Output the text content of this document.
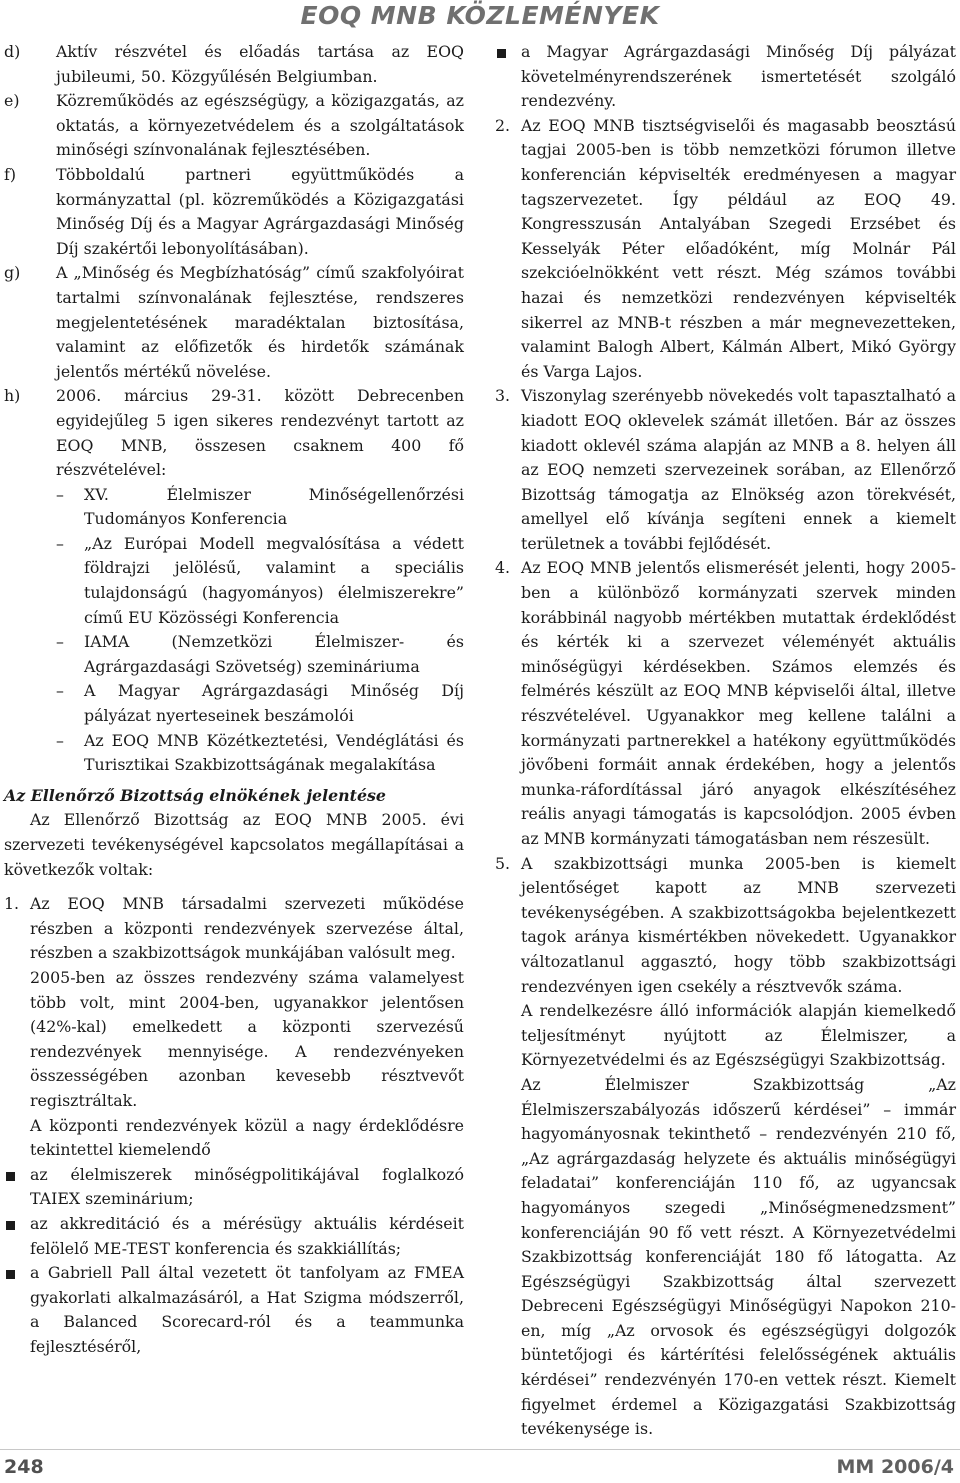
EOQ MNB KÖZLEMÉNYEK
d)	Aktív részvétel és előadás tartása az EOQ jubileumi, 50. Közgyűlésén Belgiumban.
e)	Közreműködés az egészségügy, a közigazgatás, az oktatás, a környezetvédelem és a szolgáltatások minőségi színvonalának fejlesztésében.
f)	Többoldalú partneri együttműködés a kormányzattal (pl. közreműködés a Közigazgatási Minőség Díj és a Magyar Agrárgazdasági Minőség Díj szakértői lebonyolításában).
g)	A „Minőség és Megbízhatóság” című szakfolyóirat tartalmi színvonalának fejlesztése, rendszeres megjelentetésének maradéktalan biztosítása, valamint az előfizetők és hirdetők számának jelentős mértékű növelése.
h)	2006. március 29-31. között Debrecenben egyidejűleg 5 igen sikeres rendezvényt tartott az EOQ MNB, összesen csaknem 400 fő részvételével:
–	XV. Élelmiszer Minőségellenőrzési Tudományos Konferencia
–	„Az Európai Modell megvalósítása a védett földrajzi jelölésű, valamint a speciális tulajdonságú (hagyományos) élelmiszerekre” című EU Közösségi Konferencia
–	IAMA (Nemzetközi Élelmiszer- és Agrárgazdasági Szövetség) szemináriuma
–	A Magyar Agrárgazdasági Minőség Díj pályázat nyerteseinek beszámolói
–	Az EOQ MNB Közétkeztetési, Vendéglátási és Turisztikai Szakbizottságának megalakítása
Az Ellenőrző Bizottság elnökének jelentése
Az Ellenőrző Bizottság az EOQ MNB 2005. évi szervezeti tevékenységével kapcsolatos megállapításai a következők voltak:
1. Az EOQ MNB társadalmi szervezeti működése részben a központi rendezvények szervezése által, részben a szakbizottságok munkájában valósult meg.
2005-ben az összes rendezvény száma valamelyest több volt, mint 2004-ben, ugyanakkor jelentősen (42%-kal) emelkedett a központi szervezésű rendezvények mennyisége. A rendezvényeken összességében azonban kevesebb résztvevőt regisztráltak.
A központi rendezvények közül a nagy érdeklődésre tekintettel kiemelendő
az élelmiszerek minőségpolitikájával foglalkozó TAIEX szeminárium;
az akkreditáció és a mérésügy aktuális kérdéseit felölelő ME-TEST konferencia és szakkiállítás;
a Gabriell Pall által vezetett öt tanfolyam az FMEA gyakorlati alkalmazásáról, a Hat Szigma módszerről, a Balanced Scorecard-ról és a teammunka fejlesztéséről,
a Magyar Agrárgazdasági Minőség Díj pályázat követelményrendszerének ismertetését szolgáló rendezvény.
2. Az EOQ MNB tisztségviselői és magasabb beosztású tagjai 2005-ben is több nemzetközi fórumon illetve konferencián képviselték eredményesen a magyar tagszervezetet. Így például az EOQ 49. Kongresszusán Antalyában Szegedi Erzsébet és Kesselyák Péter előadóként, míg Molnár Pál szekcióelnökként vett részt. Még számos további hazai és nemzetközi rendezvényen képviselték sikerrel az MNB-t részben a már megnevezetteken, valamint Balogh Albert, Kálmán Albert, Mikó György és Varga Lajos.
3. Viszonylag szerényebb növekedés volt tapasztalható a kiadott EOQ oklevelek számát illetően. Bár az összes kiadott oklevél száma alapján az MNB a 8. helyen áll az EOQ nemzeti szervezeinek sorában, az Ellenőrző Bizottság támogatja az Elnökség azon törekvését, amellyel elő kívánja segíteni ennek a kiemelt területnek a további fejlődését.
4. Az EOQ MNB jelentős elismerését jelenti, hogy 2005-ben a különböző kormányzati szervek minden korábbinál nagyobb mértékben mutattak érdeklődést és kérték ki a szervezet véleményét aktuális minőségügyi kérdésekben. Számos elemzés és felmérés készült az EOQ MNB képviselői által, illetve részvételével. Ugyanakkor meg kellene találni a kormányzati partnerekkel a hatékony együttműködés jövőbeni formáit annak érdekében, hogy a jelentős munka-ráfordítással járó anyagok elkészítéséhez reális anyagi támogatás is kapcsolódjon. 2005 évben az MNB kormányzati támogatásban nem részesült.
5. A szakbizottsági munka 2005-ben is kiemelt jelentőséget kapott az MNB szervezeti tevékenységében. A szakbizottságokba bejelentkezett tagok aránya kismértékben növekedett. Ugyanakkor változatlanul aggasztó, hogy több szakbizottsági rendezvényen igen csekély a résztvevők száma.
A rendelkezésre álló információk alapján kiemelkedő teljesítményt nyújtott az Élelmiszer, a Környezetvédelmi és az Egészségügyi Szakbizottság.
Az Élelmiszer Szakbizottság „Az Élelmiszerszabályozás időszerű kérdései” – immár hagyományosnak tekinthető – rendezvényén 210 fő, „Az agrárgazdaság helyzete és aktuális minőségügyi feladatai” konferenciáján 110 fő, az ugyancsak hagyományos szegedi „Minőségmenedzsment” konferenciáján 90 fő vett részt. A Környezetvédelmi Szakbizottság konferenciáját 180 fő látogatta. Az Egészségügyi Szakbizottság által szervezett Debreceni Egészségügyi Minőségügyi Napokon 210-en, míg „Az orvosok és egészségügyi dolgozók büntetőjogi és kártérítési felelősségének aktuális kérdései” rendezvényén 170-en vettek részt. Kiemelt figyelmet érdemel a Közigazgatási Szakbizottság tevékenysége is.
248	MM 2006/4
